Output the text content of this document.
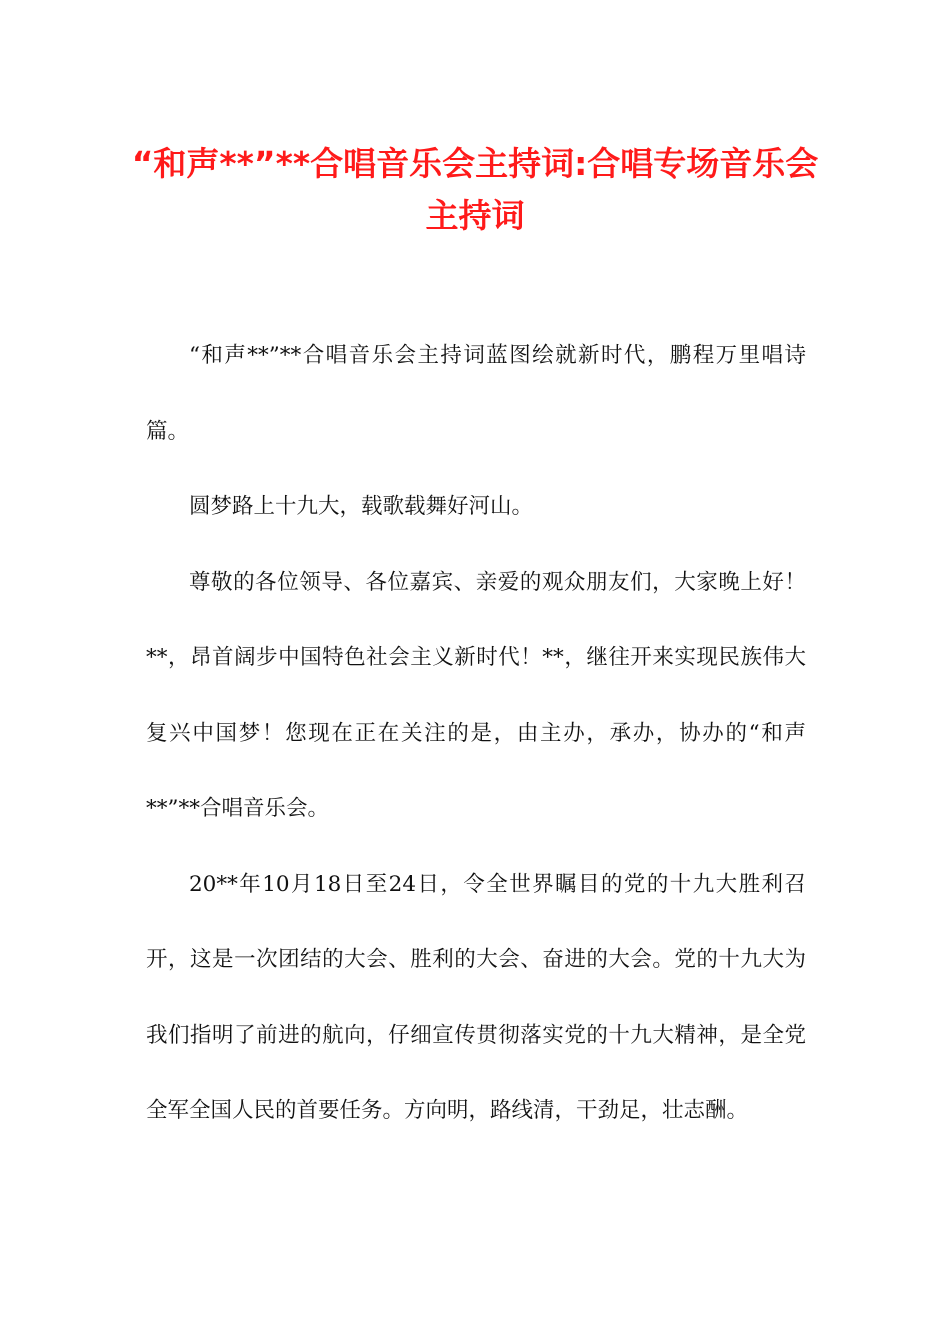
“和声**”**合唱音乐会主持词:合唱专场音乐会主持词

“和声**”**合唱音乐会主持词蓝图绘就新时代，鹏程万里唱诗篇。

圆梦路上十九大，载歌载舞好河山。

尊敬的各位领导、各位嘉宾、亲爱的观众朋友们，大家晚上好！**，昂首阔步中国特色社会主义新时代！**，继往开来实现民族伟大复兴中国梦！您现在正在关注的是，由主办，承办，协办的“和声**”**合唱音乐会。

20**年10月18日至24日，令全世界瞩目的党的十九大胜利召开，这是一次团结的大会、胜利的大会、奋进的大会。党的十九大为我们指明了前进的航向，仔细宣传贯彻落实党的十九大精神，是全党全军全国人民的首要任务。方向明，路线清，干劲足，壮志酬。
